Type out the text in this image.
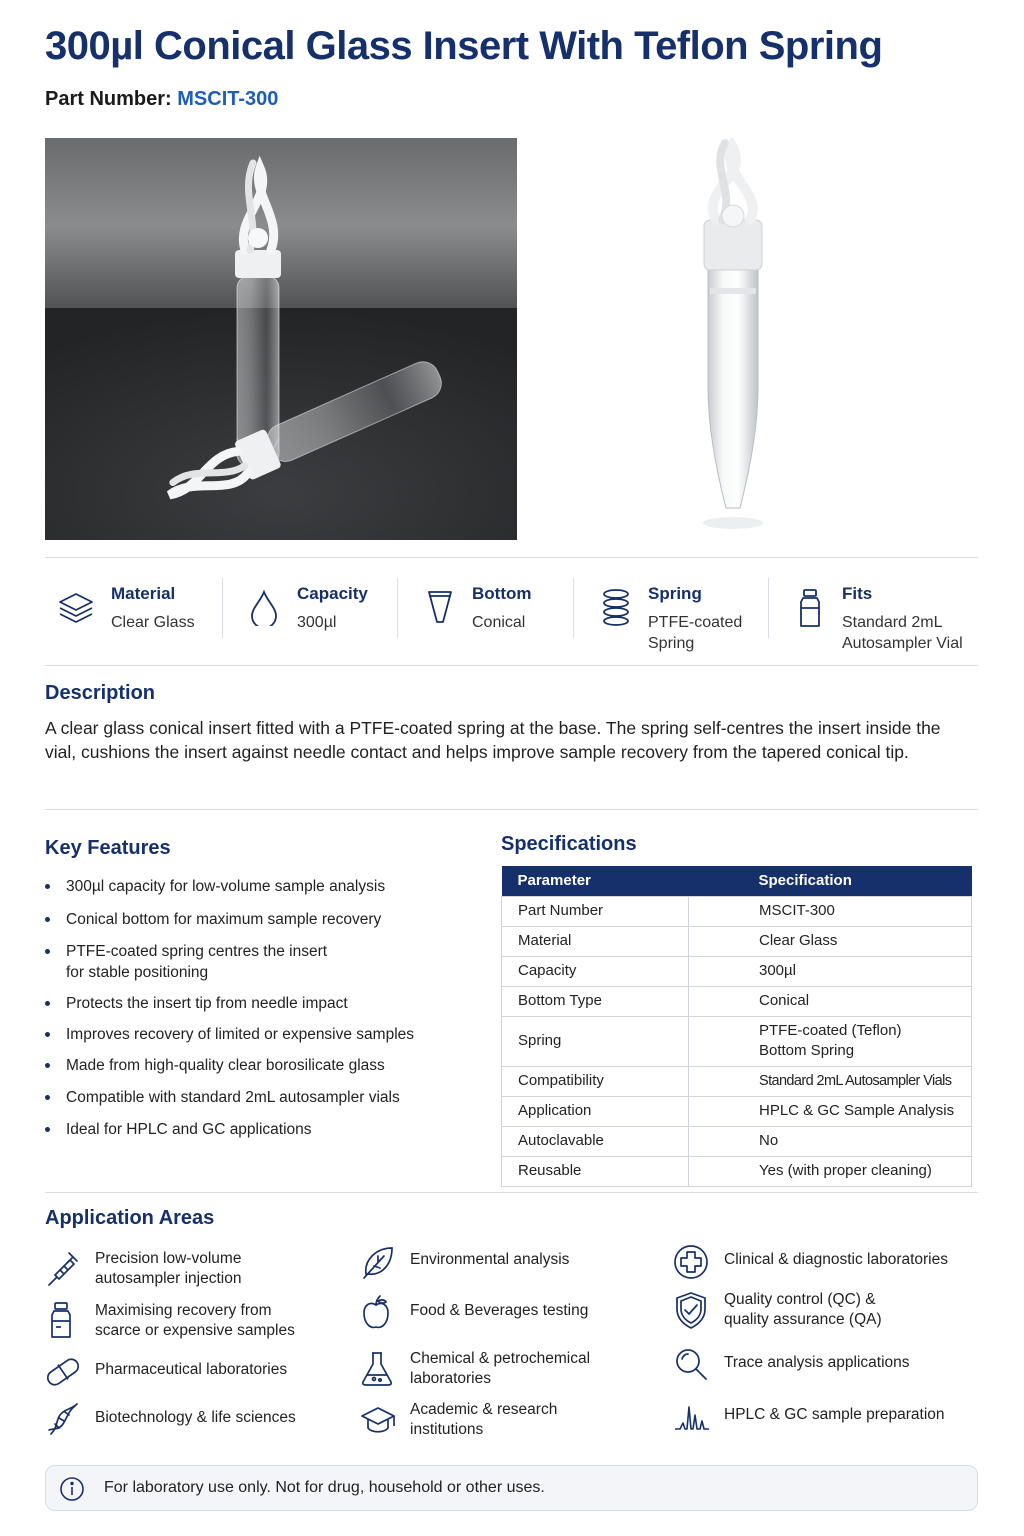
300µl Conical Glass Insert With Teflon Spring
Part Number: MSCIT-300
Material
Clear Glass
Capacity
300µl
Bottom
Conical
Spring
PTFE-coated
Spring
Fits
Standard 2mL
Autosampler Vial
Description
A clear glass conical insert fitted with a PTFE-coated spring at the base. The spring self-centres the insert inside the vial, cushions the insert against needle contact and helps improve sample recovery from the tapered conical tip.
Key Features
300µl capacity for low-volume sample analysis
Conical bottom for maximum sample recovery
PTFE-coated spring centres the insert
for stable positioning
Protects the insert tip from needle impact
Improves recovery of limited or expensive samples
Made from high-quality clear borosilicate glass
Compatible with standard 2mL autosampler vials
Ideal for HPLC and GC applications
Specifications
Parameter	Specification
Part Number	MSCIT-300
Material	Clear Glass
Capacity	300µl
Bottom Type	Conical
Spring	PTFE-coated (Teflon)
Bottom Spring
Compatibility	Standard 2mL Autosampler Vials
Application	HPLC & GC Sample Analysis
Autoclavable	No
Reusable	Yes (with proper cleaning)
Application Areas
Precision low-volume
autosampler injection
Maximising recovery from
scarce or expensive samples
Pharmaceutical laboratories
Biotechnology & life sciences
Environmental analysis
Food & Beverages testing
Chemical & petrochemical
laboratories
Academic & research
institutions
Clinical & diagnostic laboratories
Quality control (QC) &
quality assurance (QA)
Trace analysis applications
HPLC & GC sample preparation
For laboratory use only. Not for drug, household or other uses.
